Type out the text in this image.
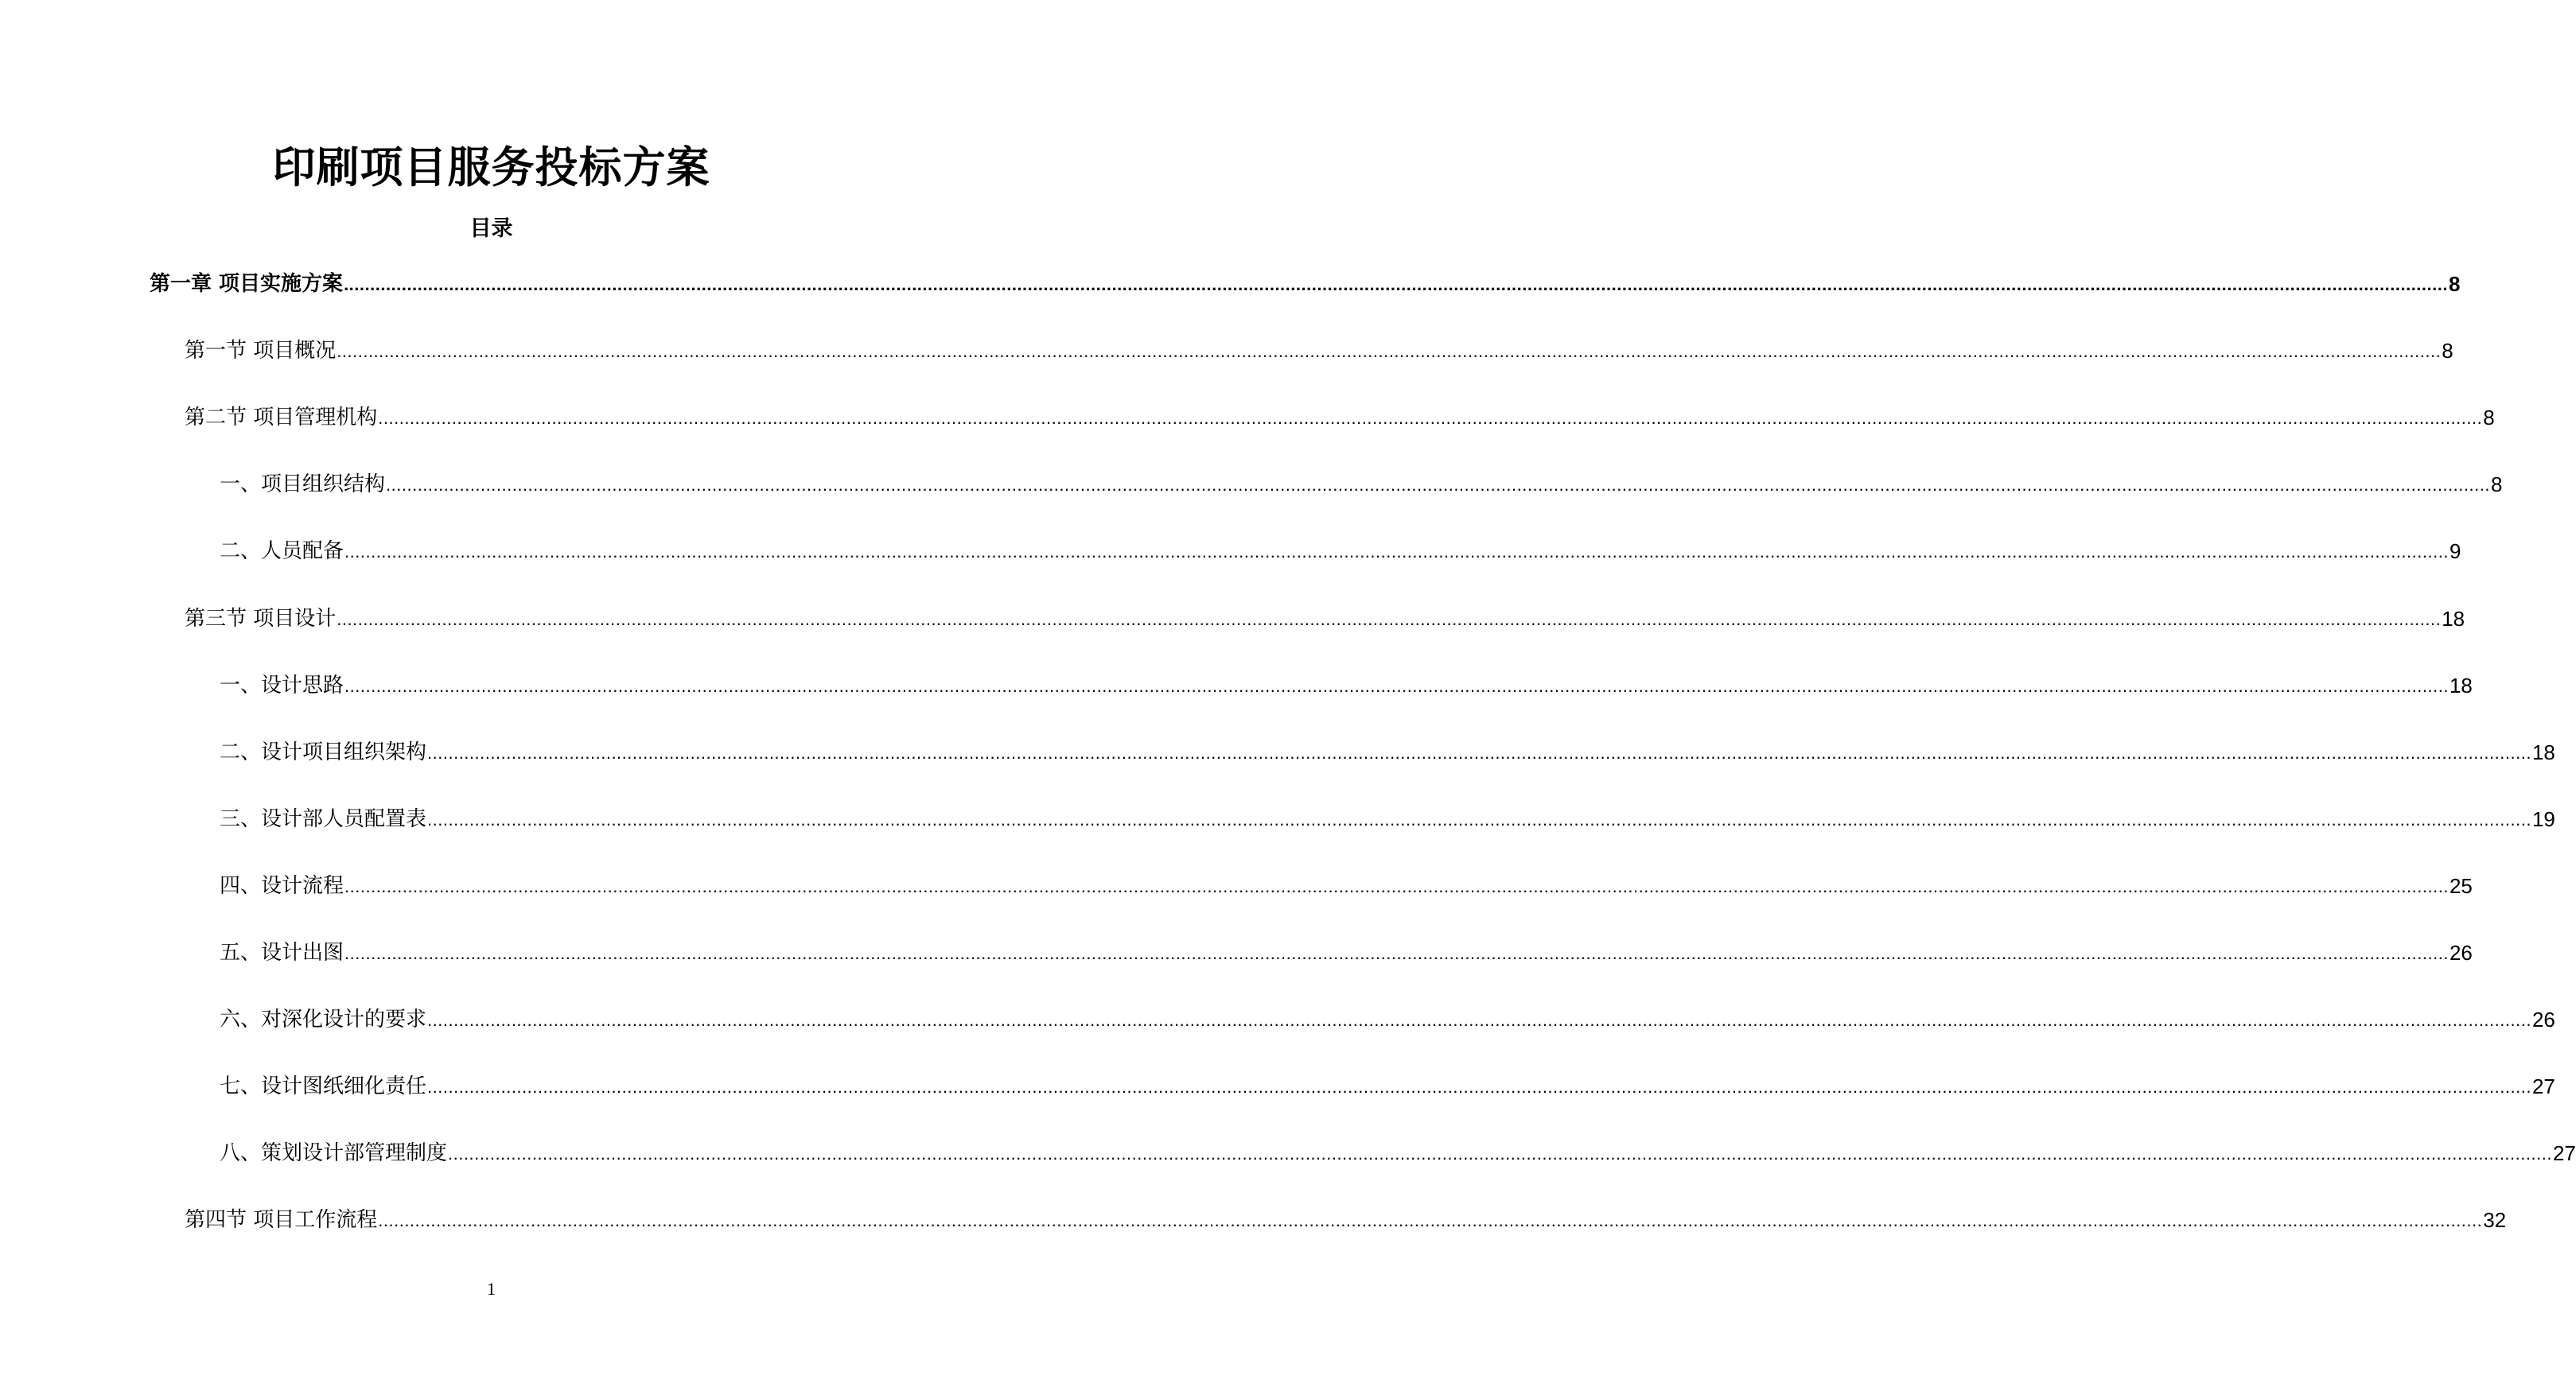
印刷项目服务投标方案
目录
第一章 项目实施方案 ................................................................................................................................................................................................................................................................................................................................................................................................................ 8
第一节 项目概况 ................................................................................................................................................................................................................................................................................................................................................................................................................ 8
第二节 项目管理机构 ................................................................................................................................................................................................................................................................................................................................................................................................................ 8
一、项目组织结构 ................................................................................................................................................................................................................................................................................................................................................................................................................ 8
二、人员配备 ................................................................................................................................................................................................................................................................................................................................................................................................................ 9
第三节 项目设计 ................................................................................................................................................................................................................................................................................................................................................................................................................ 18
一、设计思路 ................................................................................................................................................................................................................................................................................................................................................................................................................ 18
二、设计项目组织架构 ................................................................................................................................................................................................................................................................................................................................................................................................................ 18
三、设计部人员配置表 ................................................................................................................................................................................................................................................................................................................................................................................................................ 19
四、设计流程 ................................................................................................................................................................................................................................................................................................................................................................................................................ 25
五、设计出图 ................................................................................................................................................................................................................................................................................................................................................................................................................ 26
六、对深化设计的要求 ................................................................................................................................................................................................................................................................................................................................................................................................................ 26
七、设计图纸细化责任 ................................................................................................................................................................................................................................................................................................................................................................................................................ 27
八、策划设计部管理制度 ................................................................................................................................................................................................................................................................................................................................................................................................................ 27
第四节 项目工作流程 ................................................................................................................................................................................................................................................................................................................................................................................................................ 32
1
